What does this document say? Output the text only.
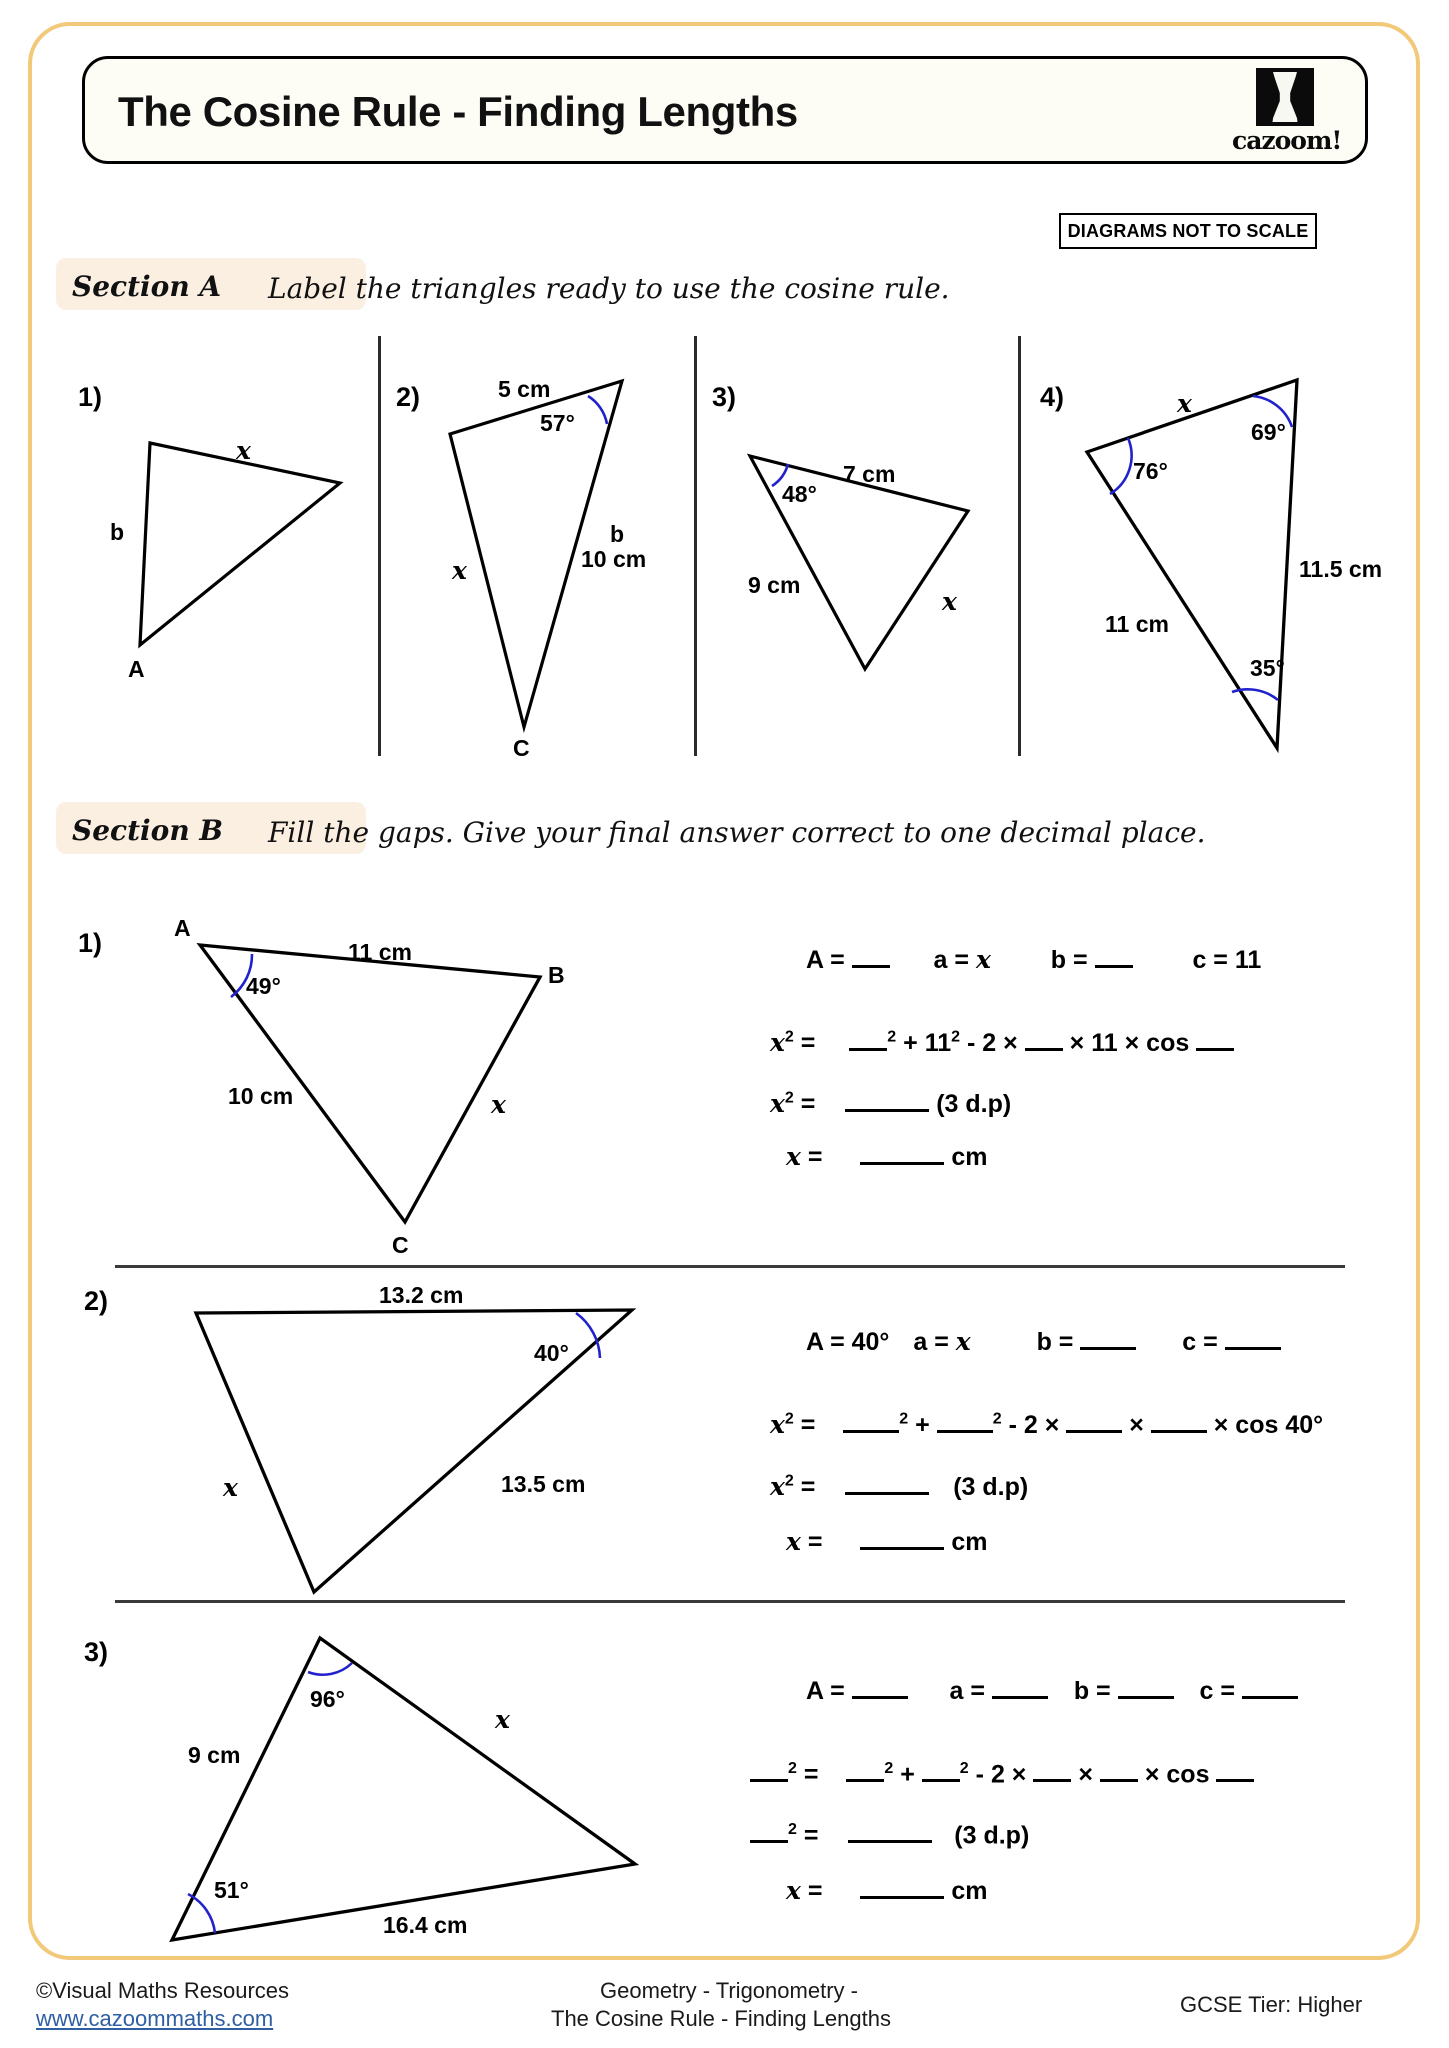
The Cosine Rule - Finding Lengths
cazoom!
DIAGRAMS NOT TO SCALE
Section A Label the triangles ready to use the cosine rule.
1)
x
b
A
2)	5 cm
57°
x
b
10 cm
C
3)
7 cm
48°
9 cm
x
4)	x
69°
76°
11.5 cm
11 cm
35°
Section B Fill the gaps. Give your final answer correct to one decimal place.
1)	A
B
C
49°
11 cm
10 cm	x
A =	a = x b =	c = 11
$x^2$ =	$^2 + 11^2 - 2$ × × 11 × cos
$x^2$ =	(3 d.p)
x =	cm
2)	13.2 cm
40°
13.5 cm
x
A = 40° a = x	b =	c =
$x^2$ =	$^2$ +	$^2$ - 2 ×	×	× cos 40°
$x^2$ =	(3 d.p)
x =	cm
3)
96°
9 cm
x
51°
16.4 cm
A =	a =	b =	c =
$^2$ =	$^2$ +	$^2$ - 2 × × × cos
$^2$ =	(3 d.p)
x =	cm
©Visual Maths Resources
www.cazoommaths.com
Geometry - Trigonometry -
The Cosine Rule - Finding Lengths
GCSE Tier: Higher
